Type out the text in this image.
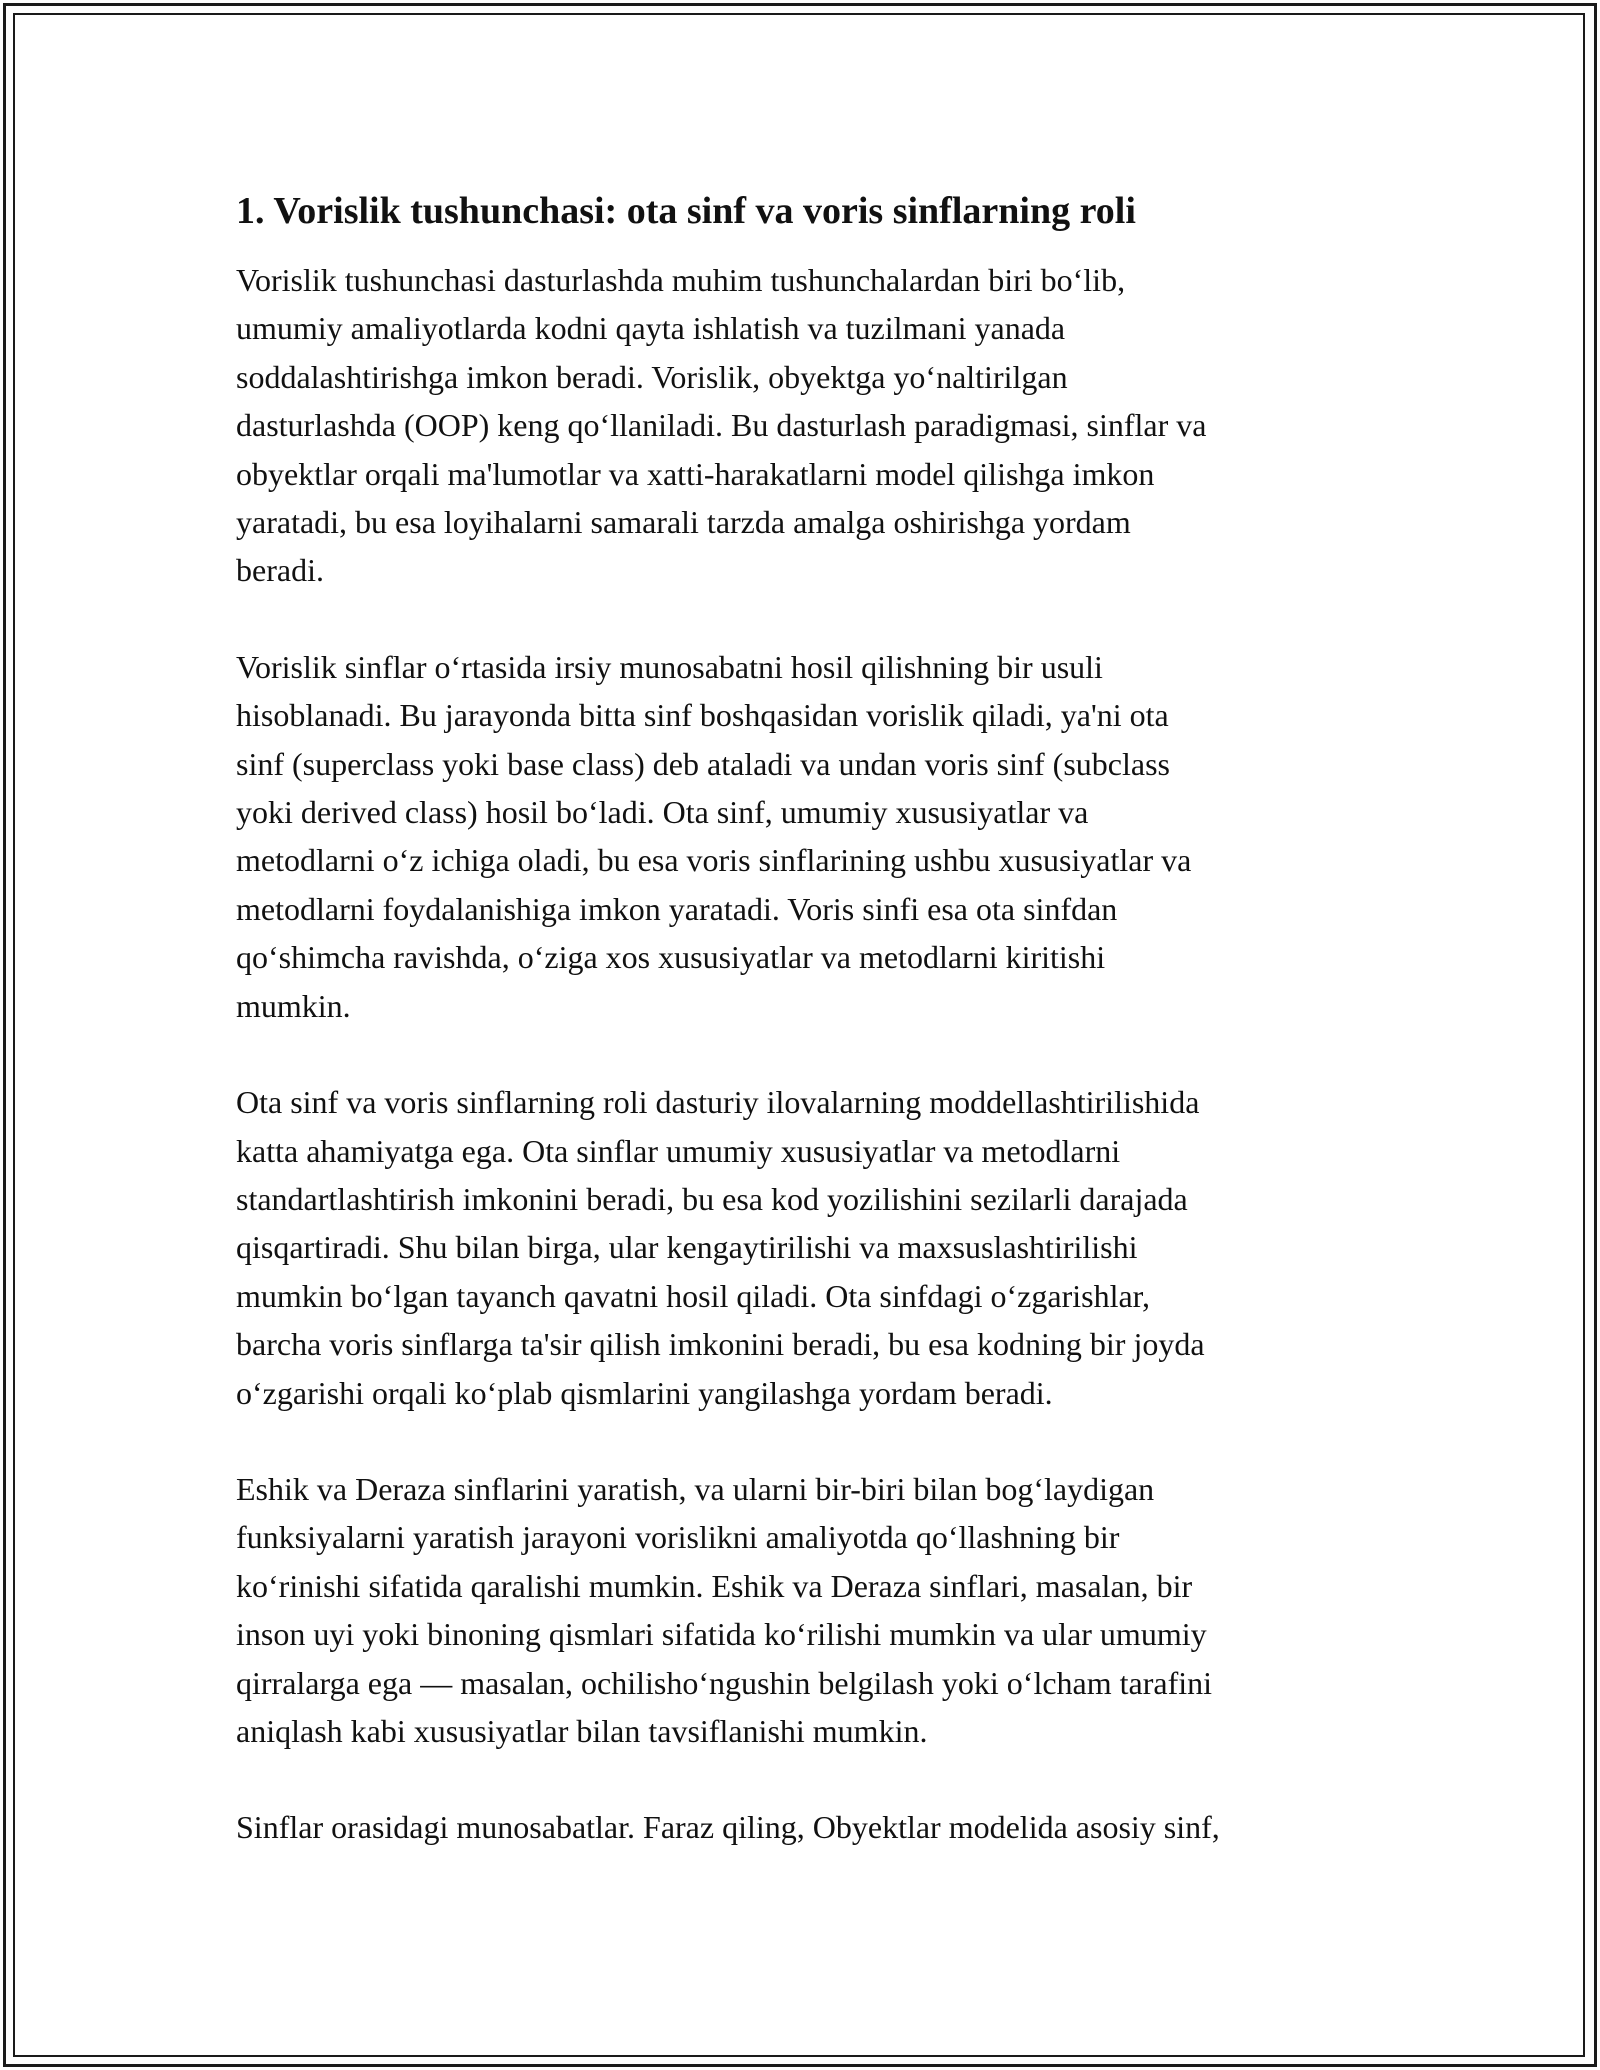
1. Vorislik tushunchasi: ota sinf va voris sinflarning roli

Vorislik tushunchasi dasturlashda muhim tushunchalardan biri bo‘lib,
umumiy amaliyotlarda kodni qayta ishlatish va tuzilmani yanada
soddalashtirishga imkon beradi. Vorislik, obyektga yo‘naltirilgan
dasturlashda (OOP) keng qo‘llaniladi. Bu dasturlash paradigmasi, sinflar va
obyektlar orqali ma'lumotlar va xatti-harakatlarni model qilishga imkon
yaratadi, bu esa loyihalarni samarali tarzda amalga oshirishga yordam
beradi.

Vorislik sinflar o‘rtasida irsiy munosabatni hosil qilishning bir usuli
hisoblanadi. Bu jarayonda bitta sinf boshqasidan vorislik qiladi, ya'ni ota
sinf (superclass yoki base class) deb ataladi va undan voris sinf (subclass
yoki derived class) hosil bo‘ladi. Ota sinf, umumiy xususiyatlar va
metodlarni o‘z ichiga oladi, bu esa voris sinflarining ushbu xususiyatlar va
metodlarni foydalanishiga imkon yaratadi. Voris sinfi esa ota sinfdan
qo‘shimcha ravishda, o‘ziga xos xususiyatlar va metodlarni kiritishi
mumkin.

Ota sinf va voris sinflarning roli dasturiy ilovalarning moddellashtirilishida
katta ahamiyatga ega. Ota sinflar umumiy xususiyatlar va metodlarni
standartlashtirish imkonini beradi, bu esa kod yozilishini sezilarli darajada
qisqartiradi. Shu bilan birga, ular kengaytirilishi va maxsuslashtirilishi
mumkin bo‘lgan tayanch qavatni hosil qiladi. Ota sinfdagi o‘zgarishlar,
barcha voris sinflarga ta'sir qilish imkonini beradi, bu esa kodning bir joyda
o‘zgarishi orqali ko‘plab qismlarini yangilashga yordam beradi.

Eshik va Deraza sinflarini yaratish, va ularni bir-biri bilan bog‘laydigan
funksiyalarni yaratish jarayoni vorislikni amaliyotda qo‘llashning bir
ko‘rinishi sifatida qaralishi mumkin. Eshik va Deraza sinflari, masalan, bir
inson uyi yoki binoning qismlari sifatida ko‘rilishi mumkin va ular umumiy
qirralarga ega — masalan, ochilisho‘ngushin belgilash yoki o‘lcham tarafini
aniqlash kabi xususiyatlar bilan tavsiflanishi mumkin.

Sinflar orasidagi munosabatlar. Faraz qiling, Obyektlar modelida asosiy sinf,
